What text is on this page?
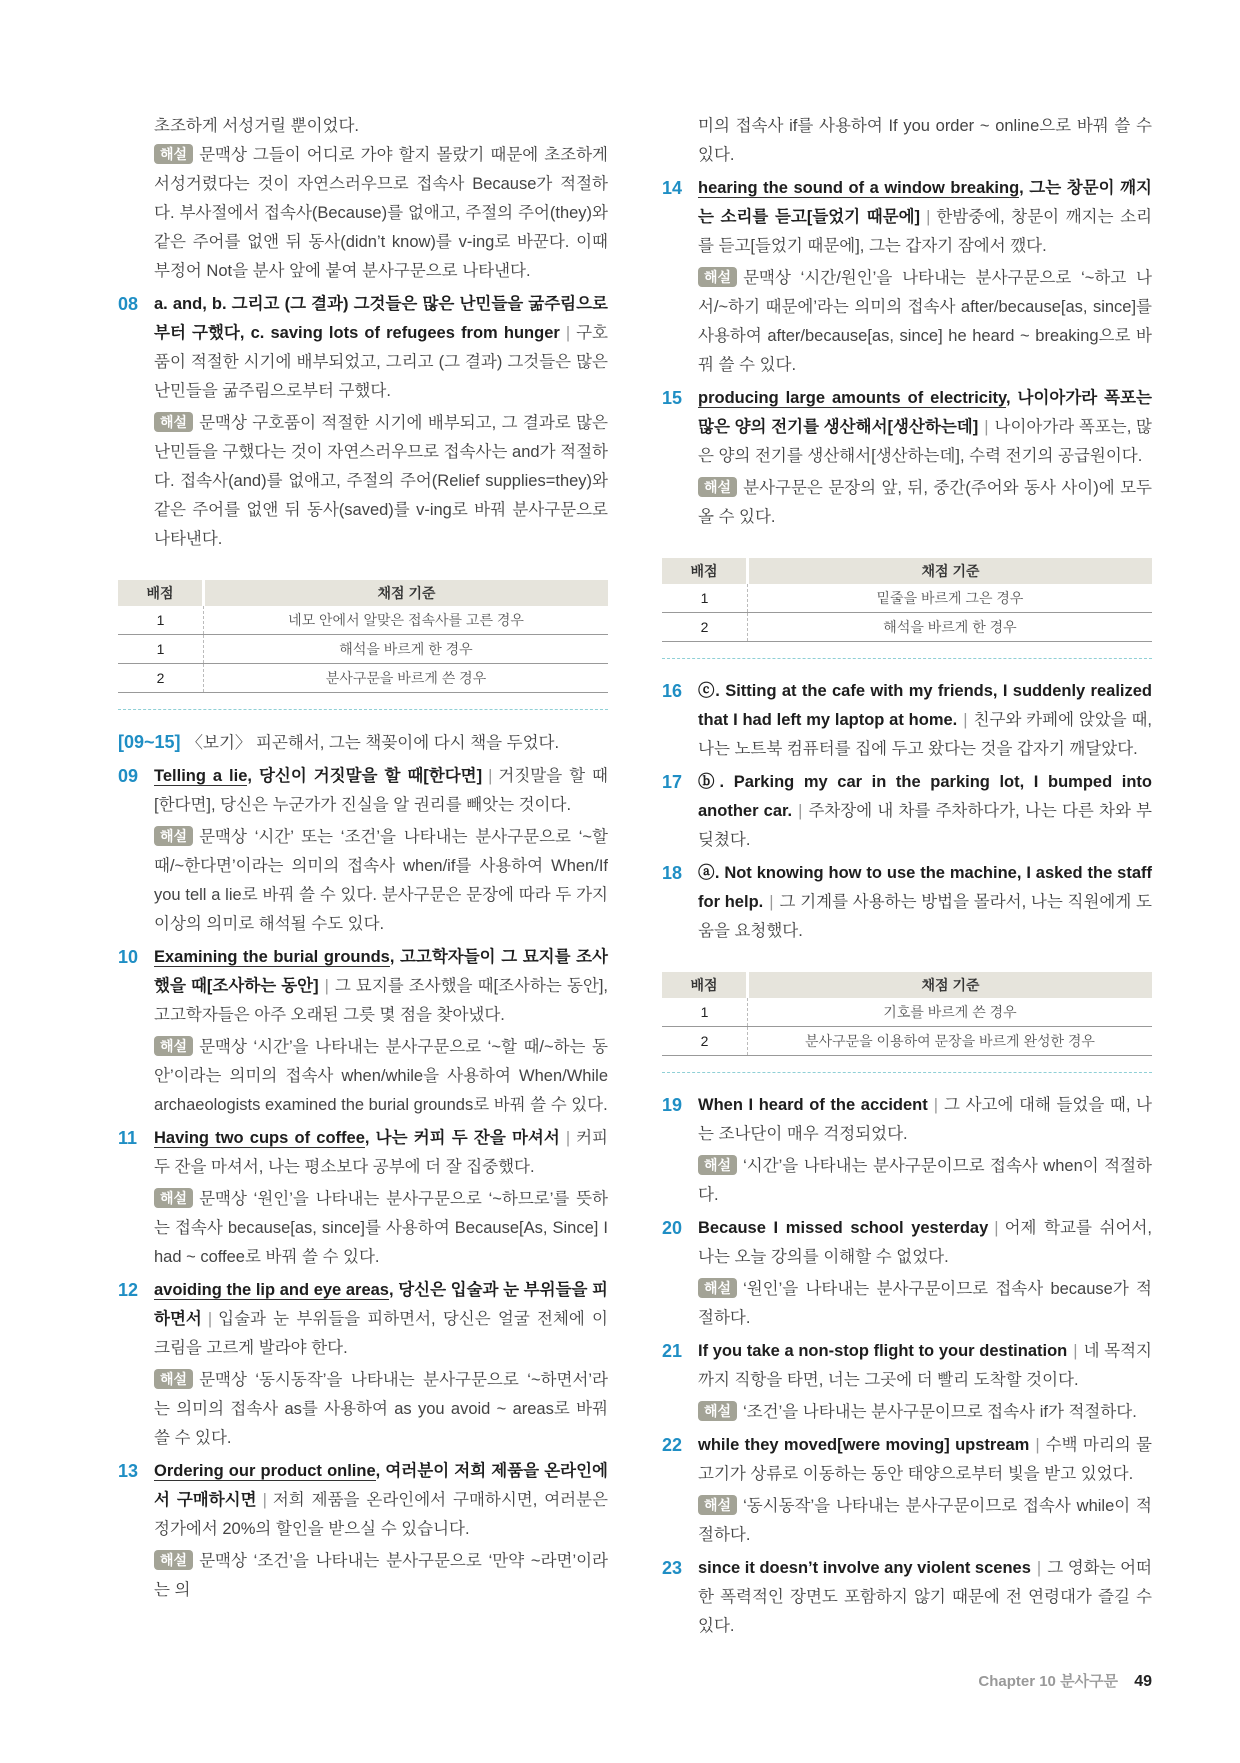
초조하게 서성거릴 뿐이었다.

해설 문맥상 그들이 어디로 가야 할지 몰랐기 때문에 초조하게 서성거렸다는 것이 자연스러우므로 접속사 Because가 적절하다. 부사절에서 접속사(Because)를 없애고, 주절의 주어(they)와 같은 주어를 없앤 뒤 동사(didn’t know)를 v-ing로 바꾼다. 이때 부정어 Not을 분사 앞에 붙여 분사구문으로 나타낸다.

08 a. and, b. 그리고 (그 결과) 그것들은 많은 난민들을 굶주림으로부터 구했다, c. saving lots of refugees from hunger | 구호품이 적절한 시기에 배부되었고, 그리고 (그 결과) 그것들은 많은 난민들을 굶주림으로부터 구했다.

해설 문맥상 구호품이 적절한 시기에 배부되고, 그 결과로 많은 난민들을 구했다는 것이 자연스러우므로 접속사는 and가 적절하다. 접속사(and)를 없애고, 주절의 주어(Relief supplies=they)와 같은 주어를 없앤 뒤 동사(saved)를 v-ing로 바꿔 분사구문으로 나타낸다.

배점	채점 기준
1	네모 안에서 알맞은 접속사를 고른 경우
1	해석을 바르게 한 경우
2	분사구문을 바르게 쓴 경우
[09~15] 〈보기〉 피곤해서, 그는 책꽂이에 다시 책을 두었다.
09 Telling a lie, 당신이 거짓말을 할 때[한다면] | 거짓말을 할 때[한다면], 당신은 누군가가 진실을 알 권리를 빼앗는 것이다.

해설 문맥상 ‘시간’ 또는 ‘조건’을 나타내는 분사구문으로 ‘~할 때/~한다면’이라는 의미의 접속사 when/if를 사용하여 When/If you tell a lie로 바꿔 쓸 수 있다. 분사구문은 문장에 따라 두 가지 이상의 의미로 해석될 수도 있다.

10 Examining the burial grounds, 고고학자들이 그 묘지를 조사했을 때[조사하는 동안] | 그 묘지를 조사했을 때[조사하는 동안], 고고학자들은 아주 오래된 그릇 몇 점을 찾아냈다.

해설 문맥상 ‘시간’을 나타내는 분사구문으로 ‘~할 때/~하는 동안’이라는 의미의 접속사 when/while을 사용하여 When/While archaeologists examined the burial grounds로 바꿔 쓸 수 있다.

11	Having two cups of coffee, 나는 커피 두 잔을 마셔서 | 커피 두 잔을 마셔서, 나는 평소보다 공부에 더 잘 집중했다.

해설 문맥상 ‘원인’을 나타내는 분사구문으로 ‘~하므로’를 뜻하는 접속사 because[as, since]를 사용하여 Because[As, Since] I had ~ coffee로 바꿔 쓸 수 있다.

12 avoiding the lip and eye areas, 당신은 입술과 눈 부위들을 피하면서 | 입술과 눈 부위들을 피하면서, 당신은 얼굴 전체에 이 크림을 고르게 발라야 한다.

해설 문맥상 ‘동시동작’을 나타내는 분사구문으로 ‘~하면서’라는 의미의 접속사 as를 사용하여 as you avoid ~ areas로 바꿔 쓸 수 있다.

13 Ordering our product online, 여러분이 저희 제품을 온라인에서 구매하시면 | 저희 제품을 온라인에서 구매하시면, 여러분은 정가에서 20%의 할인을 받으실 수 있습니다.

해설 문맥상 ‘조건’을 나타내는 분사구문으로 ‘만약 ~라면’이라는 의

미의 접속사 if를 사용하여 If you order ~ online으로 바꿔 쓸 수 있다.

14 hearing the sound of a window breaking, 그는 창문이 깨지는 소리를 듣고[들었기 때문에] | 한밤중에, 창문이 깨지는 소리를 듣고[들었기 때문에], 그는 갑자기 잠에서 깼다.

해설 문맥상 ‘시간/원인’을 나타내는 분사구문으로 ‘~하고 나서/~하기 때문에’라는 의미의 접속사 after/because[as, since]를 사용하여 after/because[as, since] he heard ~ breaking으로 바꿔 쓸 수 있다.

15 producing large amounts of electricity, 나이아가라 폭포는 많은 양의 전기를 생산해서[생산하는데] | 나이아가라 폭포는, 많은 양의 전기를 생산해서[생산하는데], 수력 전기의 공급원이다.

해설 분사구문은 문장의 앞, 뒤, 중간(주어와 동사 사이)에 모두 올 수 있다.

배점	채점 기준
1	밑줄을 바르게 그은 경우
2	해석을 바르게 한 경우
16 ⓒ. Sitting at the cafe with my friends, I suddenly realized that I had left my laptop at home. | 친구와 카페에 앉았을 때, 나는 노트북 컴퓨터를 집에 두고 왔다는 것을 갑자기 깨달았다.

17 ⓑ. Parking my car in the parking lot, I bumped into another car. | 주차장에 내 차를 주차하다가, 나는 다른 차와 부딪쳤다.

18 ⓐ. Not knowing how to use the machine, I asked the staff for help. | 그 기계를 사용하는 방법을 몰라서, 나는 직원에게 도움을 요청했다.

배점	채점 기준
1	기호를 바르게 쓴 경우
2	분사구문을 이용하여 문장을 바르게 완성한 경우
19 When I heard of the accident | 그 사고에 대해 들었을 때, 나는 조나단이 매우 걱정되었다.

해설 ‘시간’을 나타내는 분사구문이므로 접속사 when이 적절하다.

20 Because I missed school yesterday | 어제 학교를 쉬어서, 나는 오늘 강의를 이해할 수 없었다.

해설 ‘원인’을 나타내는 분사구문이므로 접속사 because가 적절하다.

21 If you take a non-stop flight to your destination | 네 목적지까지 직항을 타면, 너는 그곳에 더 빨리 도착할 것이다.

해설 ‘조건’을 나타내는 분사구문이므로 접속사 if가 적절하다.

22 while they moved[were moving] upstream | 수백 마리의 물고기가 상류로 이동하는 동안 태양으로부터 빛을 받고 있었다.

해설 ‘동시동작’을 나타내는 분사구문이므로 접속사 while이 적절하다.

23 since it doesn’t involve any violent scenes | 그 영화는 어떠한 폭력적인 장면도 포함하지 않기 때문에 전 연령대가 즐길 수 있다.

Chapter 10 분사구문 49
